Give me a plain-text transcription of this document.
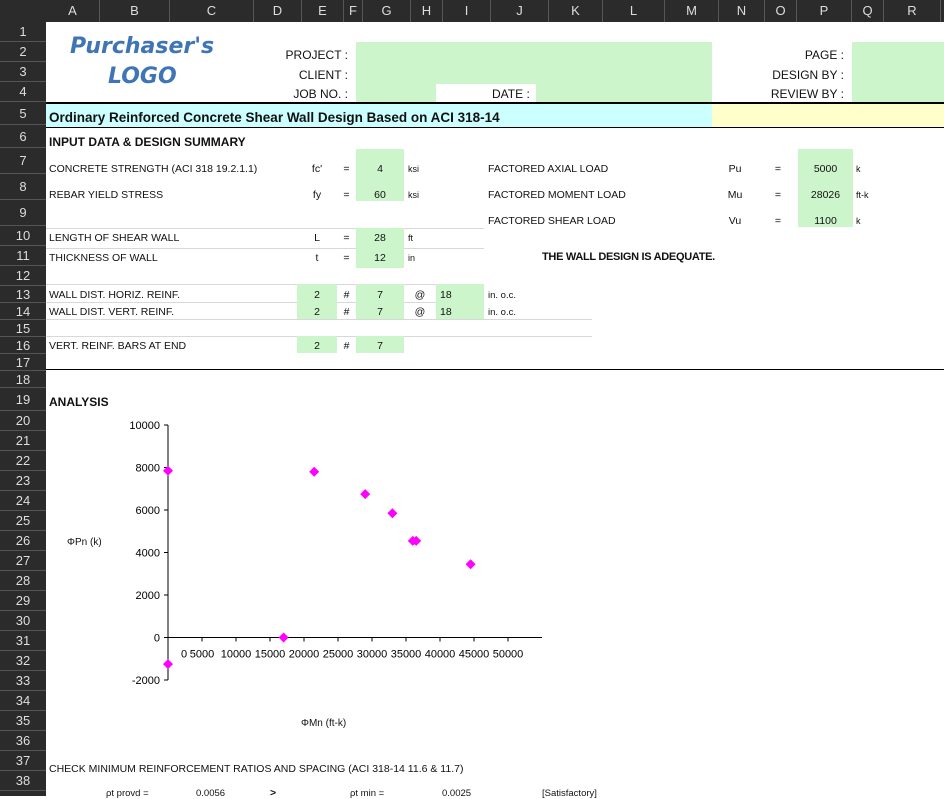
A	B	C	D	E	F	G	H	I	J	K	L	M	N	O	P	Q	R
1
2
3
4
5
6
7
8
9
10
11
12
13
14
15
16
17
18
19
20
21
22
23
24
25
26
27
28
29
30
31
32
33
34
35
36
37
38
Purchaser's
LOGO
PROJECT :
CLIENT :
JOB NO. :	DATE :
PAGE :
DESIGN BY :
REVIEW BY :
Ordinary Reinforced Concrete Shear Wall Design Based on ACI 318-14
INPUT DATA & DESIGN SUMMARY
CONCRETE STRENGTH (ACI 318 19.2.1.1)	fc'	=	4	ksi
REBAR YIELD STRESS	fy	=	60	ksi
LENGTH OF SHEAR WALL	L	=	28	ft
THICKNESS OF WALL	t	=	12	in
WALL DIST. HORIZ. REINF.	2	#	7	@	18	in. o.c.
WALL DIST. VERT. REINF.	2	#	7	@	18	in. o.c.
VERT. REINF. BARS AT END	2	#	7
FACTORED AXIAL LOAD	Pu	=	5000	k
FACTORED MOMENT LOAD	Mu	=	28026	ft-k
FACTORED SHEAR LOAD	Vu	=	1100	k
THE WALL DESIGN IS ADEQUATE.
ANALYSIS
-2000
0
2000
4000
6000
8000
10000
0 5000 10000 15000 20000 25000 30000 35000 40000 45000 50000
ΦPn (k)
ΦMn (ft-k)
CHECK MINIMUM REINFORCEMENT RATIOS AND SPACING (ACI 318-14 11.6 & 11.7)
ρt provd =	0.0056	>	ρt min =	0.0025	[Satisfactory]
